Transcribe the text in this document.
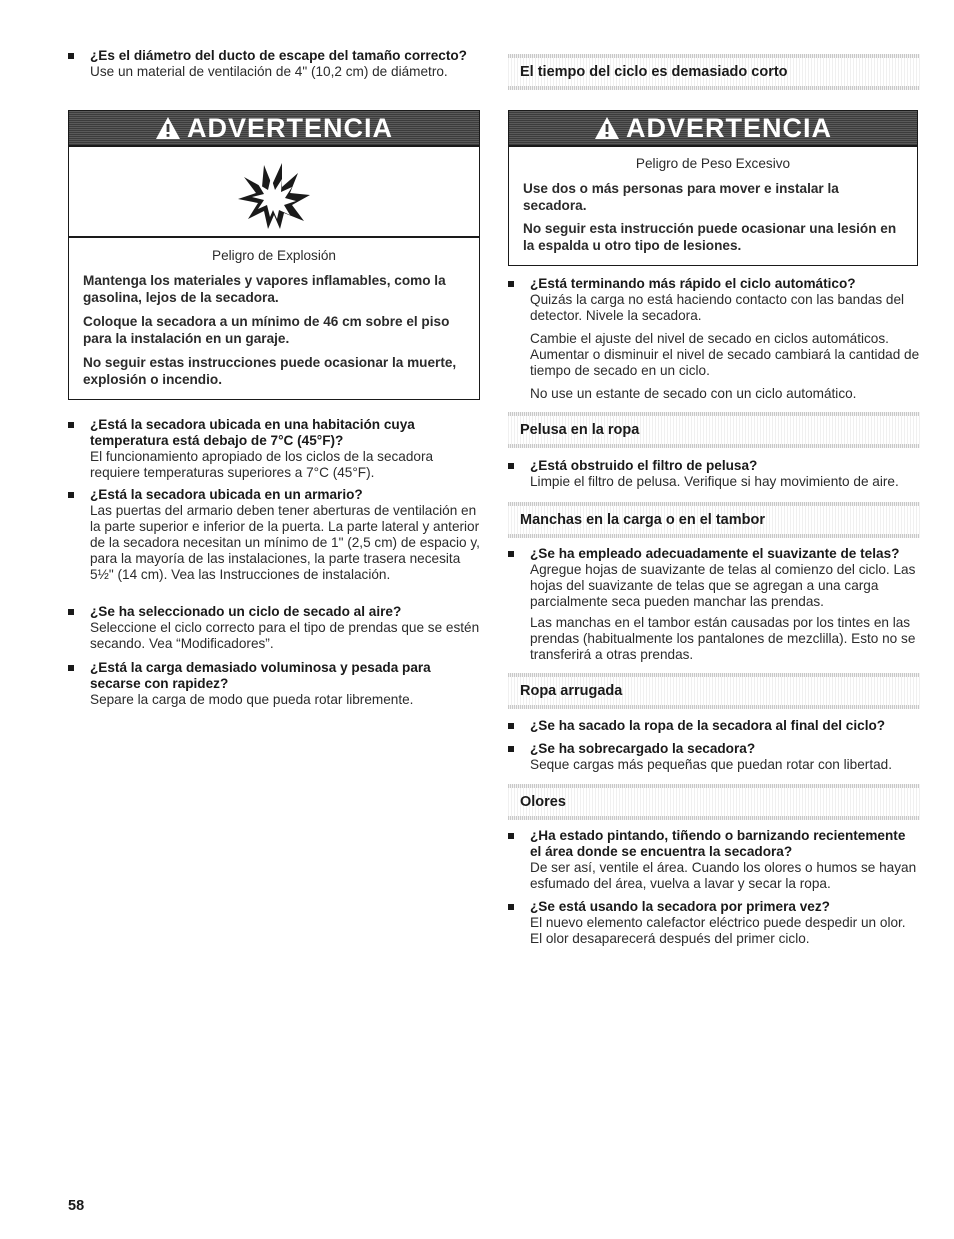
¿Es el diámetro del ducto de escape del tamaño correcto?
Use un material de ventilación de 4" (10,2 cm) de diámetro.
ADVERTENCIA
Peligro de Explosión
Mantenga los materiales y vapores inflamables, como la gasolina, lejos de la secadora.
Coloque la secadora a un mínimo de 46 cm sobre el piso para la instalación en un garaje.
No seguir estas instrucciones puede ocasionar la muerte, explosión o incendio.
¿Está la secadora ubicada en una habitación cuya temperatura está debajo de 7°C (45°F)?
El funcionamiento apropiado de los ciclos de la secadora requiere temperaturas superiores a 7°C (45°F).
¿Está la secadora ubicada en un armario?
Las puertas del armario deben tener aberturas de ventilación en la parte superior e inferior de la puerta. La parte lateral y anterior de la secadora necesitan un mínimo de 1" (2,5 cm) de espacio y, para la mayoría de las instalaciones, la parte trasera necesita 5½" (14 cm). Vea las Instrucciones de instalación.
¿Se ha seleccionado un ciclo de secado al aire?
Seleccione el ciclo correcto para el tipo de prendas que se estén secando. Vea “Modificadores”.
¿Está la carga demasiado voluminosa y pesada para secarse con rapidez?
Separe la carga de modo que pueda rotar libremente.
El tiempo del ciclo es demasiado corto
ADVERTENCIA
Peligro de Peso Excesivo
Use dos o más personas para mover e instalar la secadora.
No seguir esta instrucción puede ocasionar una lesión en la espalda u otro tipo de lesiones.
¿Está terminando más rápido el ciclo automático?
Quizás la carga no está haciendo contacto con las bandas del detector. Nivele la secadora.
Cambie el ajuste del nivel de secado en ciclos automáticos. Aumentar o disminuir el nivel de secado cambiará la cantidad de tiempo de secado en un ciclo.
No use un estante de secado con un ciclo automático.
Pelusa en la ropa
¿Está obstruido el filtro de pelusa?
Limpie el filtro de pelusa. Verifique si hay movimiento de aire.
Manchas en la carga o en el tambor
¿Se ha empleado adecuadamente el suavizante de telas?
Agregue hojas de suavizante de telas al comienzo del ciclo. Las hojas del suavizante de telas que se agregan a una carga parcialmente seca pueden manchar las prendas.
Las manchas en el tambor están causadas por los tintes en las prendas (habitualmente los pantalones de mezclilla). Esto no se transferirá a otras prendas.
Ropa arrugada
¿Se ha sacado la ropa de la secadora al final del ciclo?
¿Se ha sobrecargado la secadora?
Seque cargas más pequeñas que puedan rotar con libertad.
Olores
¿Ha estado pintando, tiñendo o barnizando recientemente el área donde se encuentra la secadora?
De ser así, ventile el área. Cuando los olores o humos se hayan esfumado del área, vuelva a lavar y secar la ropa.
¿Se está usando la secadora por primera vez?
El nuevo elemento calefactor eléctrico puede despedir un olor. El olor desaparecerá después del primer ciclo.
58
